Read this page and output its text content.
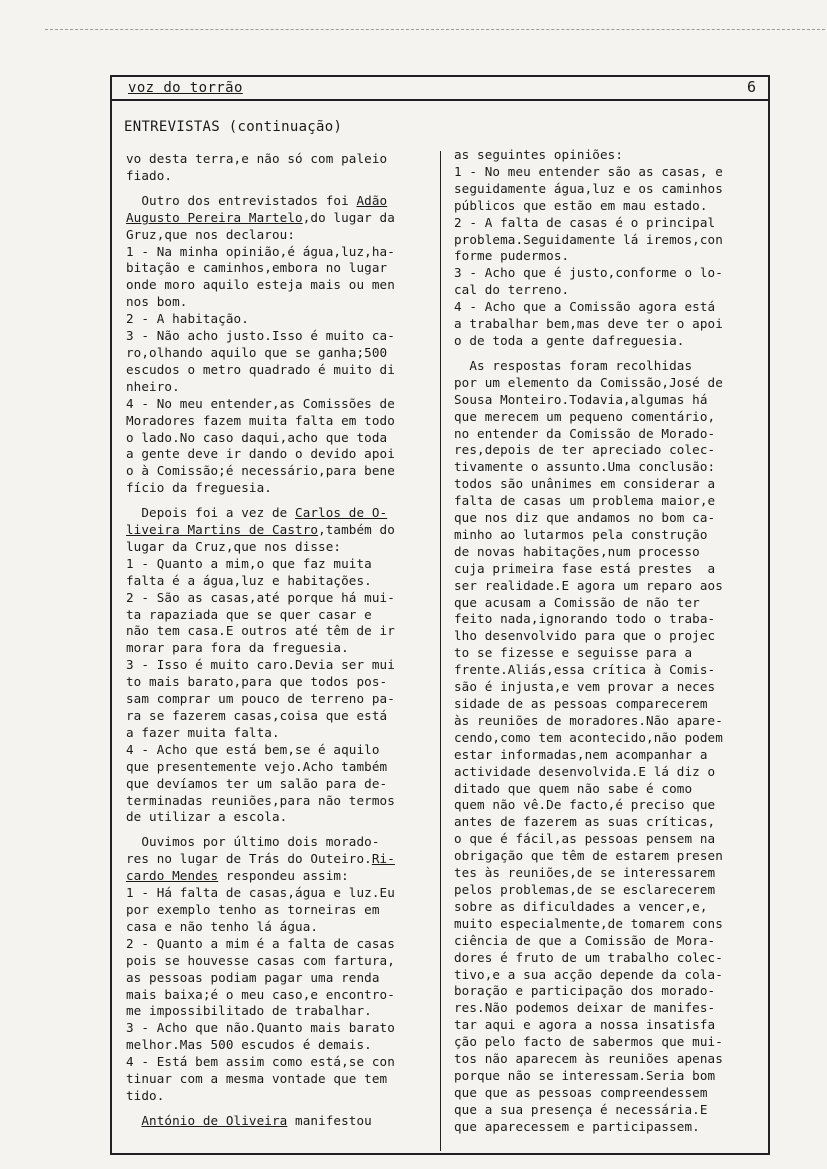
voz do torrão	6
ENTREVISTAS (continuação)

vo desta terra,e não só com paleio

fiado.

Outro dos entrevistados foi Adão

Augusto Pereira Martelo,do lugar da

Gruz,que nos declarou:

1 - Na minha opinião,é água,luz,ha-

bitação e caminhos,embora no lugar

onde moro aquilo esteja mais ou men

nos bom.

2 - A habitação.

3 - Não acho justo.Isso é muito ca-

ro,olhando aquilo que se ganha;500

escudos o metro quadrado é muito di

nheiro.

4 - No meu entender,as Comissões de

Moradores fazem muita falta em todo

o lado.No caso daqui,acho que toda

a gente deve ir dando o devido apoi

o à Comissão;é necessário,para bene

fício da freguesia.

Depois foi a vez de Carlos de O-

liveira Martins de Castro,também do

lugar da Cruz,que nos disse:

1 - Quanto a mim,o que faz muita

falta é a água,luz e habitações.

2 - São as casas,até porque há mui-

ta rapaziada que se quer casar e

não tem casa.E outros até têm de ir

morar para fora da freguesia.

3 - Isso é muito caro.Devia ser mui

to mais barato,para que todos pos-

sam comprar um pouco de terreno pa-

ra se fazerem casas,coisa que está

a fazer muita falta.

4 - Acho que está bem,se é aquilo

que presentemente vejo.Acho também

que devíamos ter um salão para de-

terminadas reuniões,para não termos

de utilizar a escola.

Ouvimos por último dois morado-

res no lugar de Trás do Outeiro.Ri-

cardo Mendes respondeu assim:

1 - Há falta de casas,água e luz.Eu

por exemplo tenho as torneiras em

casa e não tenho lá água.

2 - Quanto a mim é a falta de casas

pois se houvesse casas com fartura,

as pessoas podiam pagar uma renda

mais baixa;é o meu caso,e encontro-

me impossibilitado de trabalhar.

3 - Acho que não.Quanto mais barato

melhor.Mas 500 escudos é demais.

4 - Está bem assim como está,se con

tinuar com a mesma vontade que tem

tido.

António de Oliveira manifestou

as seguintes opiniões:

1 - No meu entender são as casas, e

seguidamente água,luz e os caminhos

públicos que estão em mau estado.

2 - A falta de casas é o principal

problema.Seguidamente lá iremos,con

forme pudermos.

3 - Acho que é justo,conforme o lo-

cal do terreno.

4 - Acho que a Comissão agora está

a trabalhar bem,mas deve ter o apoi

o de toda a gente dafreguesia.

As respostas foram recolhidas

por um elemento da Comissão,José de

Sousa Monteiro.Todavia,algumas há

que merecem um pequeno comentário,

no entender da Comissão de Morado-

res,depois de ter apreciado colec-

tivamente o assunto.Uma conclusão:

todos são unânimes em considerar a

falta de casas um problema maior,e

que nos diz que andamos no bom ca-

minho ao lutarmos pela construção

de novas habitações,num processo

cuja primeira fase está prestes  a

ser realidade.E agora um reparo aos

que acusam a Comissão de não ter

feito nada,ignorando todo o traba-

lho desenvolvido para que o projec

to se fizesse e seguisse para a

frente.Aliás,essa crítica à Comis-

são é injusta,e vem provar a neces

sidade de as pessoas comparecerem

às reuniões de moradores.Não apare-

cendo,como tem acontecido,não podem

estar informadas,nem acompanhar a

actividade desenvolvida.E lá diz o

ditado que quem não sabe é como

quem não vê.De facto,é preciso que

antes de fazerem as suas críticas,

o que é fácil,as pessoas pensem na

obrigação que têm de estarem presen

tes às reuniões,de se interessarem

pelos problemas,de se esclarecerem

sobre as dificuldades a vencer,e,

muito especialmente,de tomarem cons

ciência de que a Comissão de Mora-

dores é fruto de um trabalho colec-

tivo,e a sua acção depende da cola-

boração e participação dos morado-

res.Não podemos deixar de manifes-

tar aqui e agora a nossa insatisfa

ção pelo facto de sabermos que mui-

tos não aparecem às reuniões apenas

porque não se interessam.Seria bom

que que as pessoas compreendessem

que a sua presença é necessária.E

que aparecessem e participassem.
